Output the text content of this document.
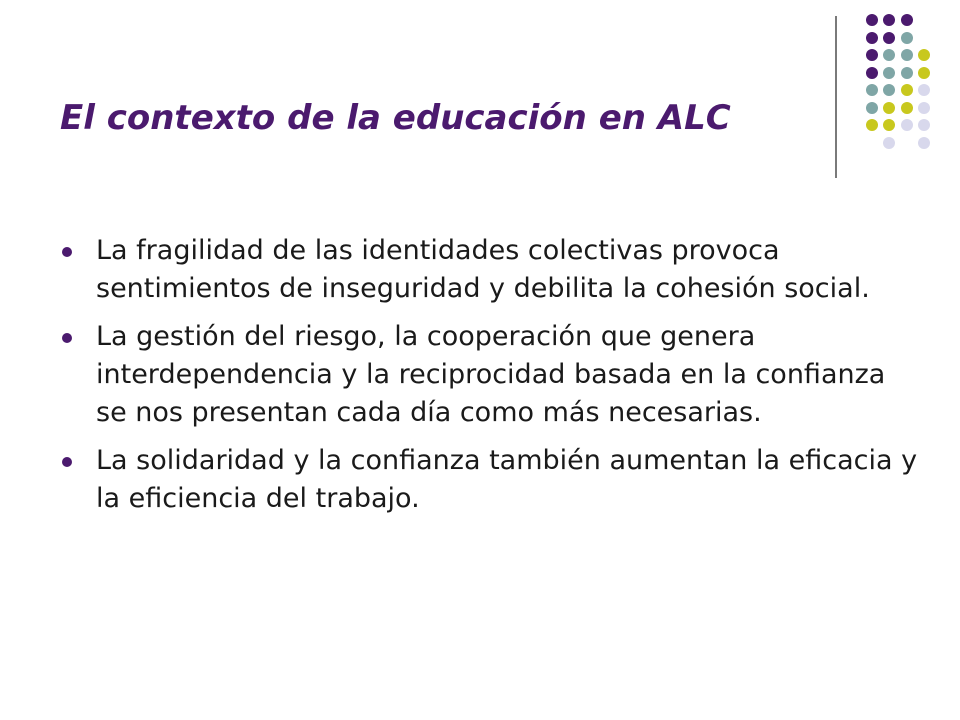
El contexto de la educación en ALC
La fragilidad de las identidades colectivas provoca sentimientos de inseguridad y debilita la cohesión social.
La gestión del riesgo, la cooperación que genera interdependencia y la reciprocidad basada en la confianza se nos presentan cada día como más necesarias.
La solidaridad y la confianza también aumentan la eficacia y la eficiencia del trabajo.
